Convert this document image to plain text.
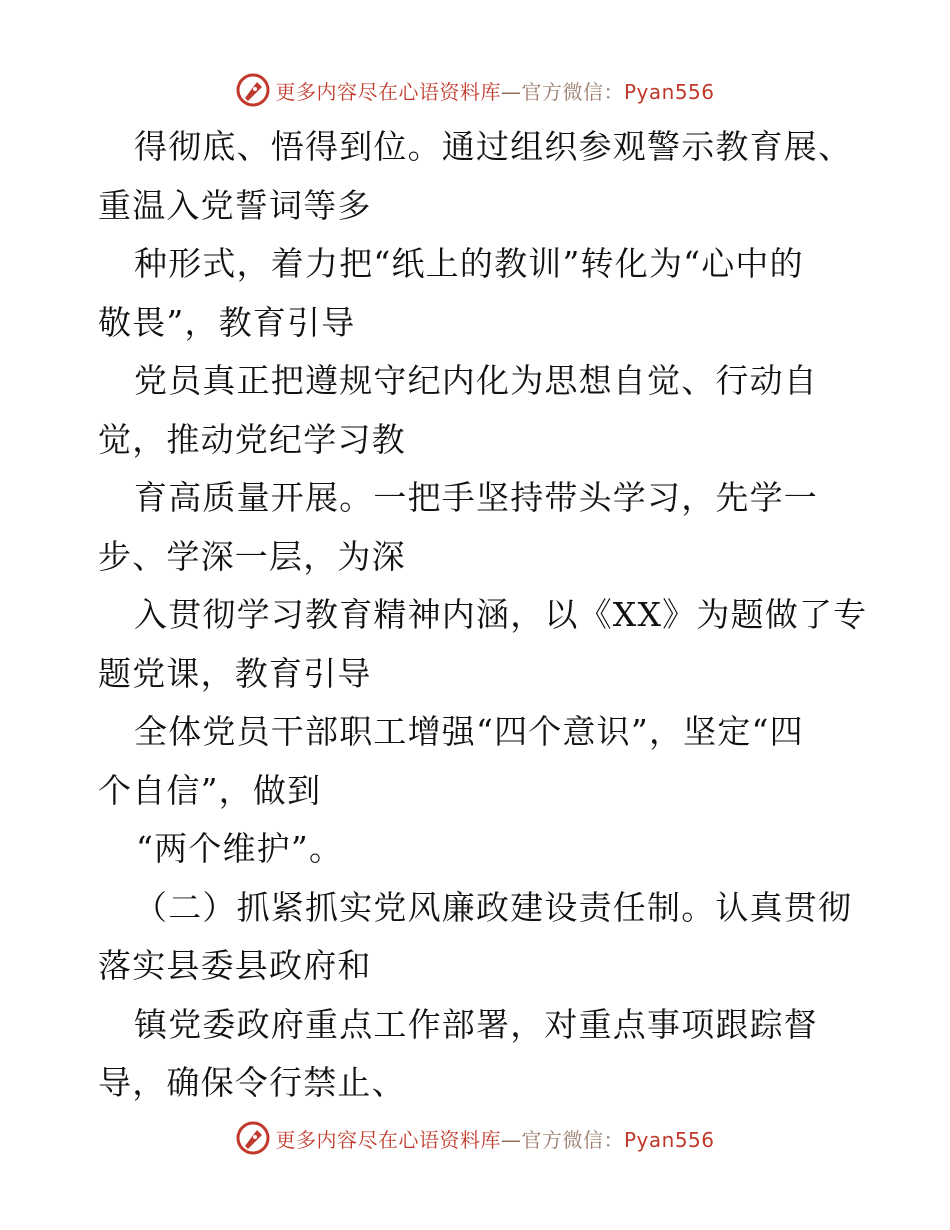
更多内容尽在心语资料库—官方微信：Pyan556
得彻底、悟得到位。通过组织参观警示教育展、
重温入党誓词等多
种形式，着力把“纸上的教训”转化为“心中的
敬畏”，教育引导
党员真正把遵规守纪内化为思想自觉、行动自
觉，推动党纪学习教
育高质量开展。一把手坚持带头学习，先学一
步、学深一层，为深
入贯彻学习教育精神内涵，以《XX》为题做了专
题党课，教育引导
全体党员干部职工增强“四个意识”，坚定“四
个自信”，做到
“两个维护”。
（二）抓紧抓实党风廉政建设责任制。认真贯彻
落实县委县政府和
镇党委政府重点工作部署，对重点事项跟踪督
导，确保令行禁止、
更多内容尽在心语资料库—官方微信：Pyan556
